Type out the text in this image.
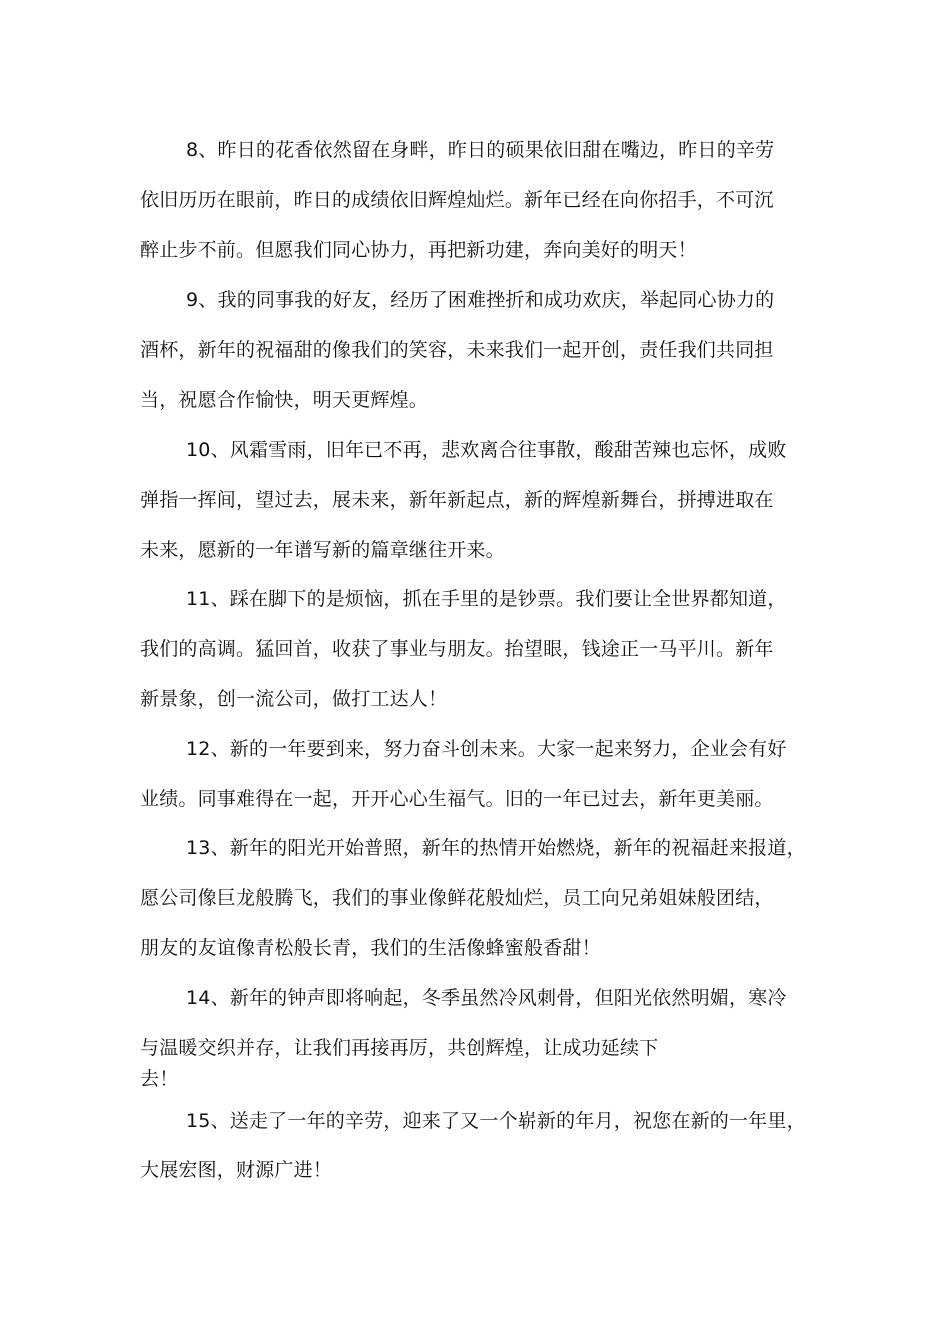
8、昨日的花香依然留在身畔，昨日的硕果依旧甜在嘴边，昨日的辛劳
依旧历历在眼前，昨日的成绩依旧辉煌灿烂。新年已经在向你招手，不可沉
醉止步不前。但愿我们同心协力，再把新功建，奔向美好的明天！
9、我的同事我的好友，经历了困难挫折和成功欢庆，举起同心协力的
酒杯，新年的祝福甜的像我们的笑容，未来我们一起开创，责任我们共同担
当，祝愿合作愉快，明天更辉煌。
10、风霜雪雨，旧年已不再，悲欢离合往事散，酸甜苦辣也忘怀，成败
弹指一挥间，望过去，展未来，新年新起点，新的辉煌新舞台，拼搏进取在
未来，愿新的一年谱写新的篇章继往开来。
11、踩在脚下的是烦恼，抓在手里的是钞票。我们要让全世界都知道，
我们的高调。猛回首，收获了事业与朋友。抬望眼，钱途正一马平川。新年
新景象，创一流公司，做打工达人！
12、新的一年要到来，努力奋斗创未来。大家一起来努力，企业会有好
业绩。同事难得在一起，开开心心生福气。旧的一年已过去，新年更美丽。
13、新年的阳光开始普照，新年的热情开始燃烧，新年的祝福赶来报道，
愿公司像巨龙般腾飞，我们的事业像鲜花般灿烂，员工向兄弟姐妹般团结，
朋友的友谊像青松般长青，我们的生活像蜂蜜般香甜！
14、新年的钟声即将响起，冬季虽然冷风刺骨，但阳光依然明媚，寒冷
与温暖交织并存，让我们再接再厉，共创辉煌，让成功延续下
去！
15、送走了一年的辛劳，迎来了又一个崭新的年月，祝您在新的一年里，
大展宏图，财源广进！
